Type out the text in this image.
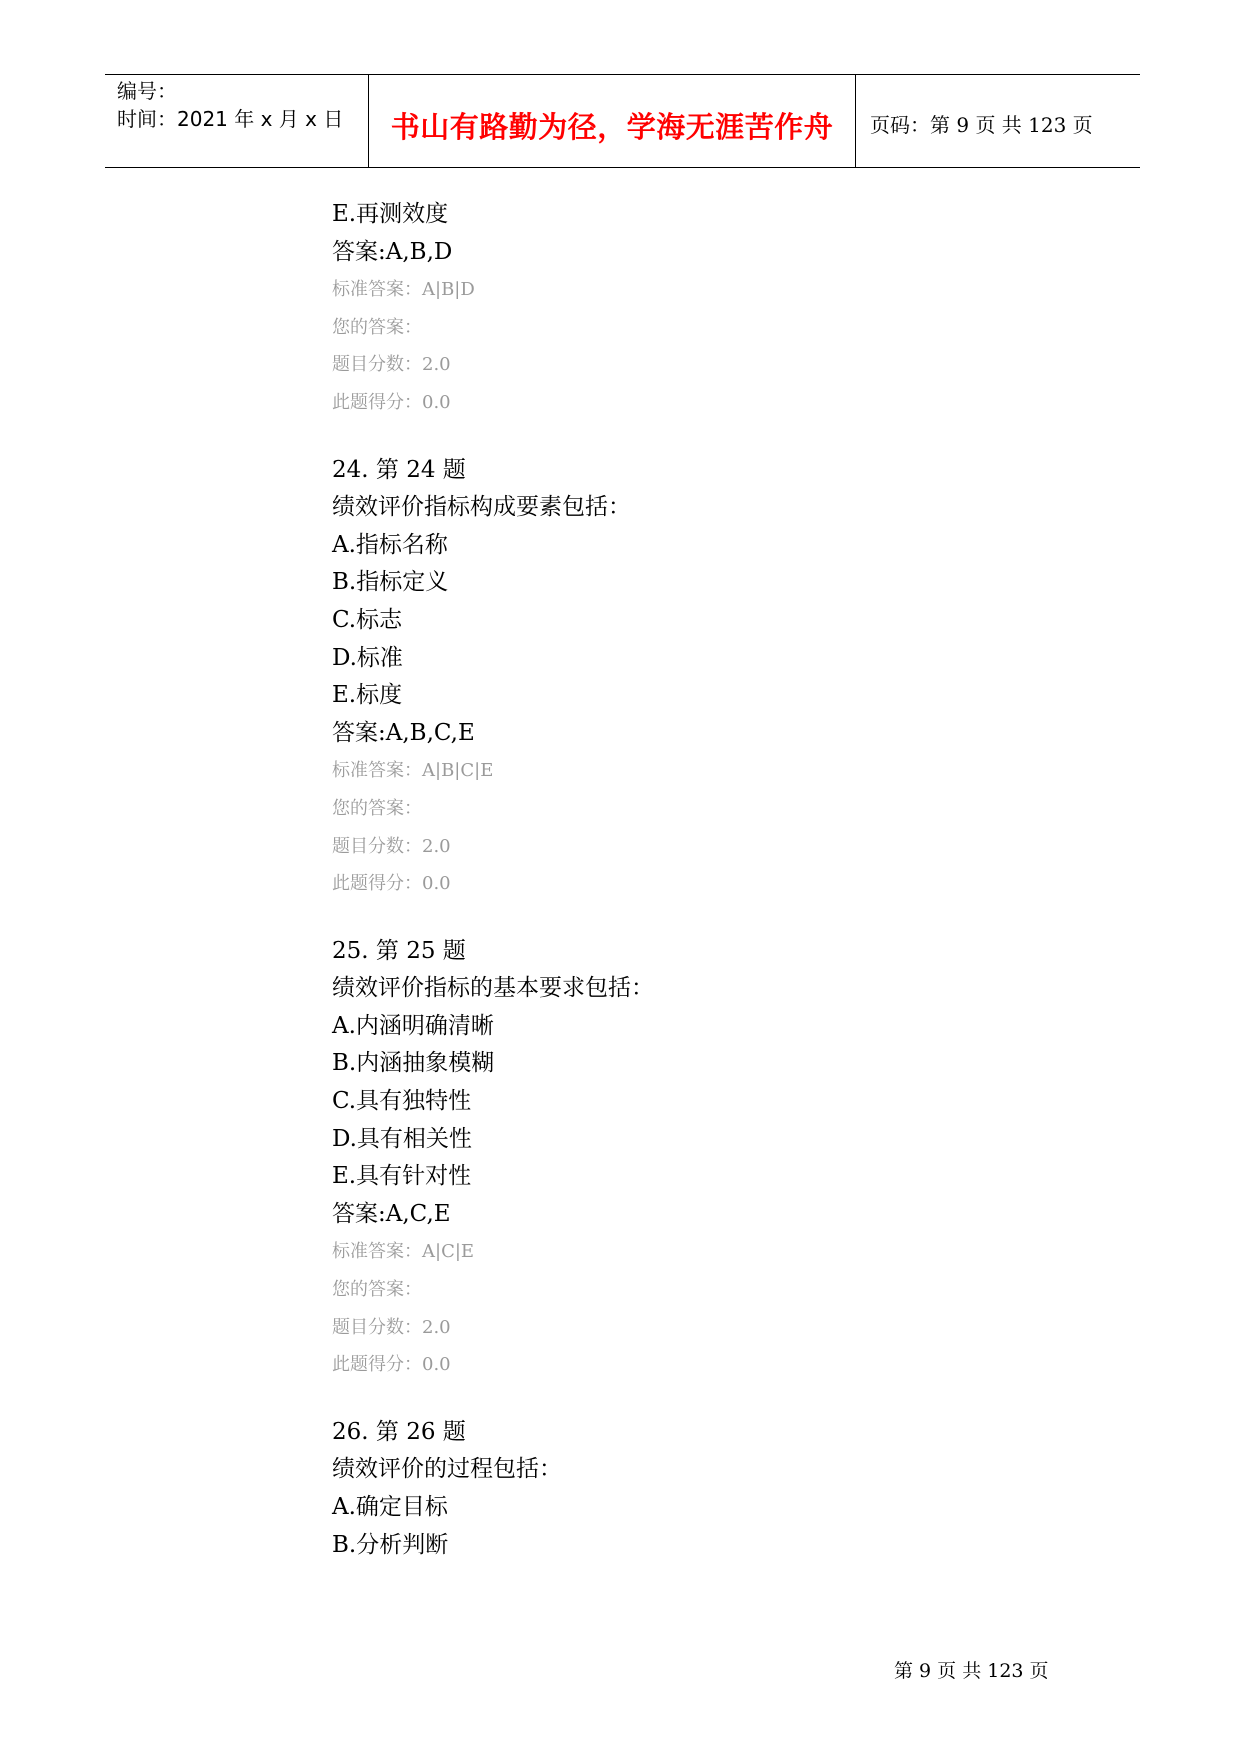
编号：
时间：2021 年 x 月 x 日	书山有路勤为径，学海无涯苦作舟	页码：第 9 页 共 123 页
E.再测效度
答案:A,B,D
标准答案：A|B|D
您的答案：
题目分数：2.0
此题得分：0.0
24. 第 24 题
绩效评价指标构成要素包括：
A.指标名称
B.指标定义
C.标志
D.标准
E.标度
答案:A,B,C,E
标准答案：A|B|C|E
您的答案：
题目分数：2.0
此题得分：0.0
25. 第 25 题
绩效评价指标的基本要求包括：
A.内涵明确清晰
B.内涵抽象模糊
C.具有独特性
D.具有相关性
E.具有针对性
答案:A,C,E
标准答案：A|C|E
您的答案：
题目分数：2.0
此题得分：0.0
26. 第 26 题
绩效评价的过程包括：
A.确定目标
B.分析判断
第 9 页 共 123 页
